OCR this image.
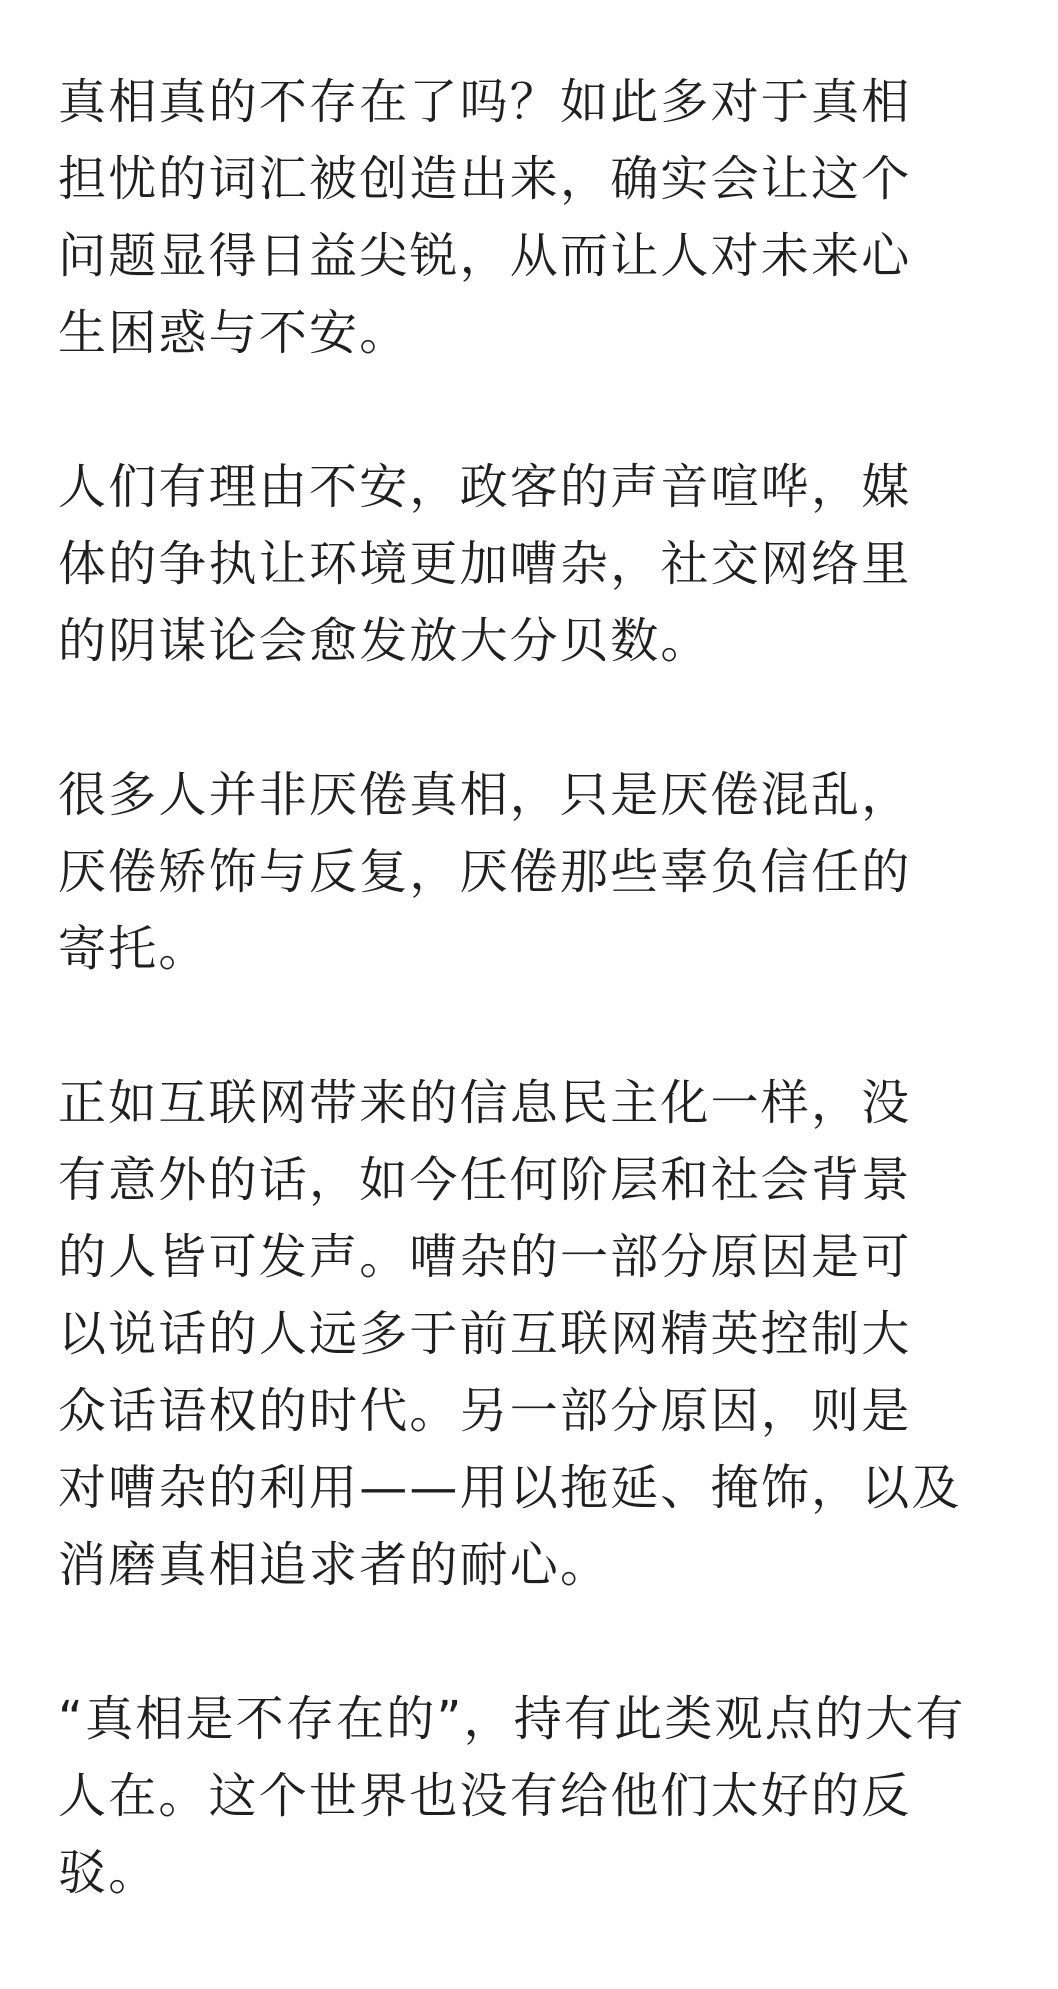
真相真的不存在了吗？如此多对于真相
担忧的词汇被创造出来，确实会让这个
问题显得日益尖锐，从而让人对未来心
生困惑与不安。
人们有理由不安，政客的声音喧哗，媒
体的争执让环境更加嘈杂，社交网络里
的阴谋论会愈发放大分贝数。
很多人并非厌倦真相，只是厌倦混乱，
厌倦矫饰与反复，厌倦那些辜负信任的
寄托。
正如互联网带来的信息民主化一样，没
有意外的话，如今任何阶层和社会背景
的人皆可发声。嘈杂的一部分原因是可
以说话的人远多于前互联网精英控制大
众话语权的时代。另一部分原因，则是
对嘈杂的利用——用以拖延、掩饰，以及
消磨真相追求者的耐心。
“真相是不存在的”，持有此类观点的大有
人在。这个世界也没有给他们太好的反
驳。
